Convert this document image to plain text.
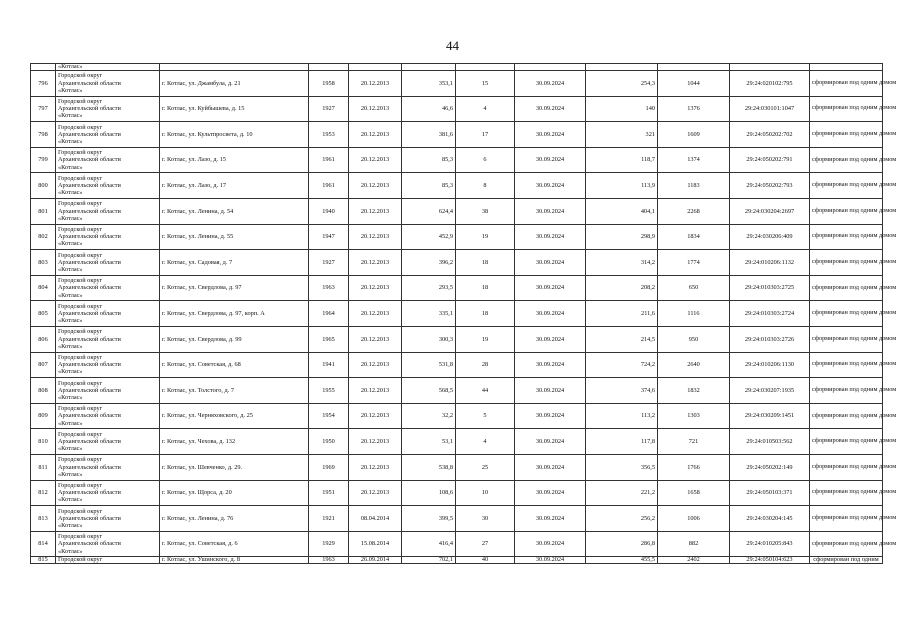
44
	«Котлас»										
796	Городской округ
Архангельской области
«Котлас»	г. Котлас, ул. Джамбула, д. 21	1958	20.12.2013	353,1	15	30.09.2024	254,3	1044	29:24:020102:795	сформирован под одним домом
797	Городской округ
Архангельской области
«Котлас»	г. Котлас, ул. Куйбышева, д. 15	1927	20.12.2013	46,6	4	30.09.2024	140	1376	29:24:030101:1047	сформирован под одним домом
798	Городской округ
Архангельской области
«Котлас»	г. Котлас, ул. Культпросвета, д. 10	1953	20.12.2013	381,6	17	30.09.2024	321	1609	29:24:050202:702	сформирован под одним домом
799	Городской округ
Архангельской области
«Котлас»	г. Котлас, ул. Лазо, д. 15	1961	20.12.2013	85,3	6	30.09.2024	118,7	1374	29:24:050202:791	сформирован под одним домом
800	Городской округ
Архангельской области
«Котлас»	г. Котлас, ул. Лазо, д. 17	1961	20.12.2013	85,3	8	30.09.2024	113,9	1183	29:24:050202:793	сформирован под одним домом
801	Городской округ
Архангельской области
«Котлас»	г. Котлас, ул. Ленина, д. 54	1940	20.12.2013	624,4	38	30.09.2024	404,1	2268	29:24:030204:2697	сформирован под одним домом
802	Городской округ
Архангельской области
«Котлас»	г. Котлас, ул. Ленина, д. 55	1947	20.12.2013	452,9	19	30.09.2024	298,9	1834	29:24:030206:409	сформирован под одним домом
803	Городской округ
Архангельской области
«Котлас»	г. Котлас, ул. Садовая, д. 7	1927	20.12.2013	396,2	18	30.09.2024	314,2	1774	29:24:010206:1132	сформирован под одним домом
804	Городской округ
Архангельской области
«Котлас»	г. Котлас, ул. Свердлова, д. 97	1963	20.12.2013	293,5	18	30.09.2024	208,2	650	29:24:010303:2725	сформирован под одним домом
805	Городской округ
Архангельской области
«Котлас»	г. Котлас, ул. Свердлова, д. 97, корп. А	1964	20.12.2013	335,1	18	30.09.2024	211,6	1116	29:24:010303:2724	сформирован под одним домом
806	Городской округ
Архангельской области
«Котлас»	г. Котлас, ул. Свердлова, д. 99	1965	20.12.2013	300,3	19	30.09.2024	214,5	950	29:24:010303:2726	сформирован под одним домом
807	Городской округ
Архангельской области
«Котлас»	г. Котлас, ул. Советская, д. 68	1941	20.12.2013	531,8	28	30.09.2024	724,2	2640	29:24:010206:1130	сформирован под одним домом
808	Городской округ
Архангельской области
«Котлас»	г. Котлас, ул. Толстого, д. 7	1955	20.12.2013	568,5	44	30.09.2024	374,6	1832	29:24:030207:1935	сформирован под одним домом
809	Городской округ
Архангельской области
«Котлас»	г. Котлас, ул. Черняховского, д. 25	1954	20.12.2013	32,2	5	30.09.2024	113,2	1303	29:24:030209:1451	сформирован под одним домом
810	Городской округ
Архангельской области
«Котлас»	г. Котлас, ул. Чехова, д. 132	1950	20.12.2013	53,1	4	30.09.2024	117,8	721	29:24:010503:562	сформирован под одним домом
811	Городской округ
Архангельской области
«Котлас»	г. Котлас, ул. Шевченко, д. 29.	1969	20.12.2013	538,8	25	30.09.2024	356,5	1766	29:24:050202:149	сформирован под одним домом
812	Городской округ
Архангельской области
«Котлас»	г. Котлас, ул. Щорса, д. 20	1951	20.12.2013	108,6	10	30.09.2024	221,2	1658	29:24:050103:371	сформирован под одним домом
813	Городской округ
Архангельской области
«Котлас»	г. Котлас, ул. Ленина, д. 76	1921	08.04.2014	399,5	30	30.09.2024	256,2	1006	29:24:030204:145	сформирован под одним домом
814	Городской округ
Архангельской области
«Котлас»	г. Котлас, ул. Советская, д. 6	1929	15.08.2014	416,4	27	30.09.2024	286,8	882	29:24:010205:843	сформирован под одним домом
815	Городской округ	г. Котлас, ул. Ушинского, д. 8	1963	26.09.2014	702,1	40	30.09.2024	455,5	2402	29:24:050104:623	сформирован под одним
